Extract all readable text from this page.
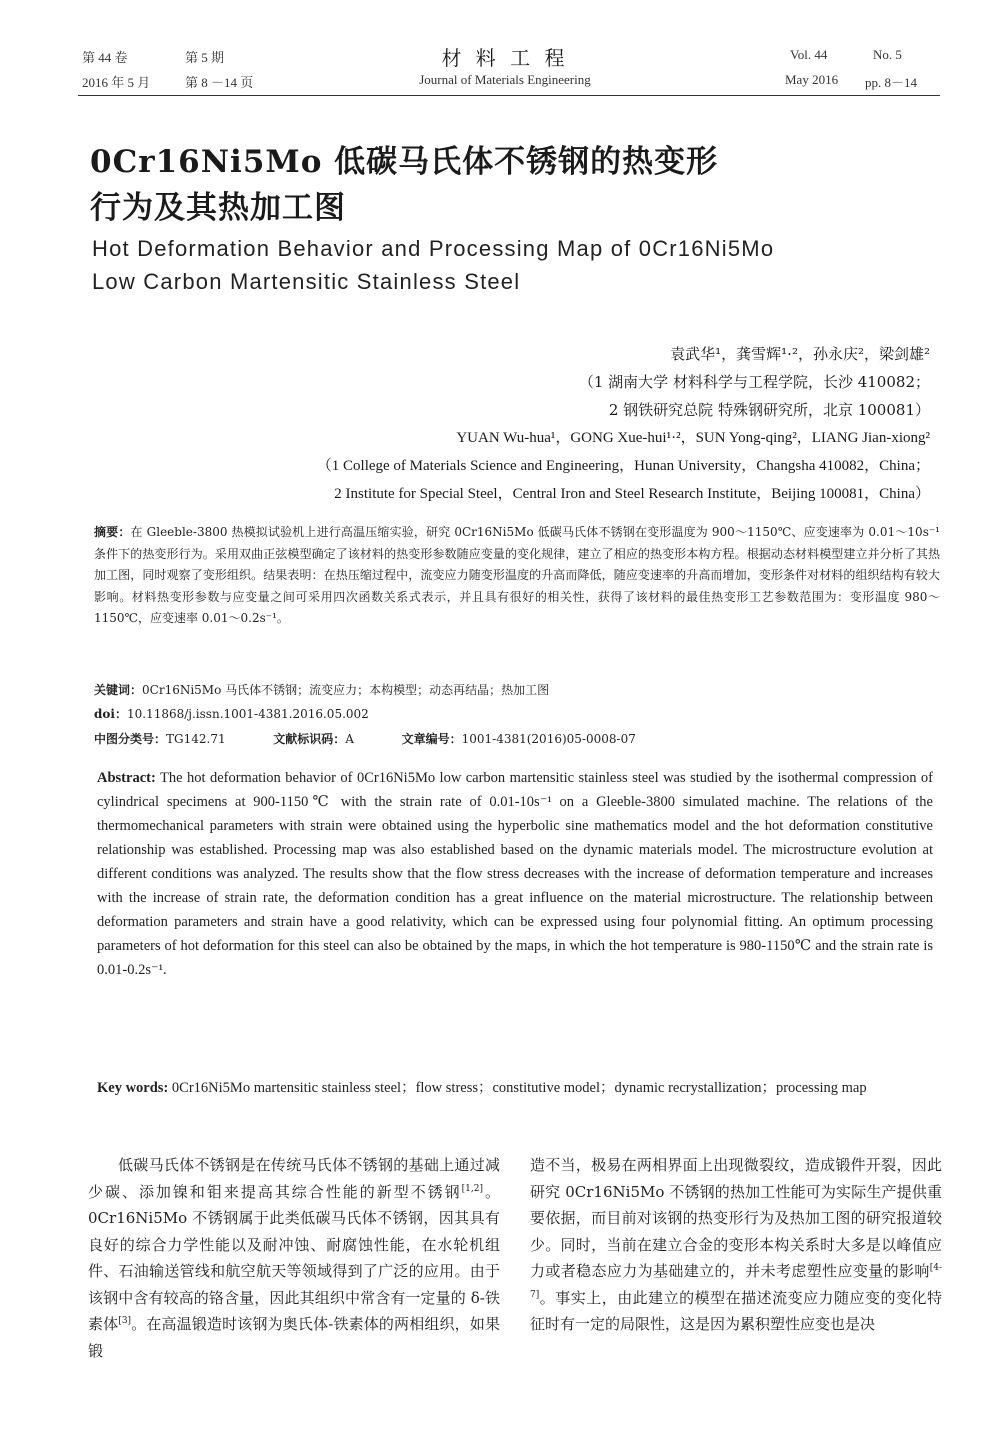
第 44 卷	第 5 期
2016 年 5 月	第 8 －14 页
材 料 工 程
Journal of Materials Engineering
Vol. 44	No. 5
May 2016 pp. 8－14
0Cr16Ni5Mo 低碳马氏体不锈钢的热变形
行为及其热加工图
Hot Deformation Behavior and Processing Map of 0Cr16Ni5Mo
Low Carbon Martensitic Stainless Steel
袁武华¹，龚雪辉¹·²，孙永庆²，梁剑雄²
（1 湖南大学 材料科学与工程学院，长沙 410082；
2 钢铁研究总院 特殊钢研究所，北京 100081）
YUAN Wu-hua¹，GONG Xue-hui¹·²，SUN Yong-qing²，LIANG Jian-xiong²
（1 College of Materials Science and Engineering，Hunan University，Changsha 410082，China；
2 Institute for Special Steel，Central Iron and Steel Research Institute，Beijing 100081，China）
摘要：在 Gleeble-3800 热模拟试验机上进行高温压缩实验，研究 0Cr16Ni5Mo 低碳马氏体不锈钢在变形温度为 900～1150℃、应变速率为 0.01～10s⁻¹ 条件下的热变形行为。采用双曲正弦模型确定了该材料的热变形参数随应变量的变化规律，建立了相应的热变形本构方程。根据动态材料模型建立并分析了其热加工图，同时观察了变形组织。结果表明：在热压缩过程中，流变应力随变形温度的升高而降低，随应变速率的升高而增加，变形条件对材料的组织结构有较大影响。材料热变形参数与应变量之间可采用四次函数关系式表示，并且具有很好的相关性，获得了该材料的最佳热变形工艺参数范围为：变形温度 980～1150℃，应变速率 0.01～0.2s⁻¹。
关键词：0Cr16Ni5Mo 马氏体不锈钢；流变应力；本构模型；动态再结晶；热加工图
doi：10.11868/j.issn.1001-4381.2016.05.002
中图分类号：TG142.71	文献标识码：A	文章编号：1001-4381(2016)05-0008-07
Abstract: The hot deformation behavior of 0Cr16Ni5Mo low carbon martensitic stainless steel was studied by the isothermal compression of cylindrical specimens at 900-1150℃ with the strain rate of 0.01-10s⁻¹ on a Gleeble-3800 simulated machine. The relations of the thermomechanical parameters with strain were obtained using the hyperbolic sine mathematics model and the hot deformation constitutive relationship was established. Processing map was also established based on the dynamic materials model. The microstructure evolution at different conditions was analyzed. The results show that the flow stress decreases with the increase of deformation temperature and increases with the increase of strain rate, the deformation condition has a great influence on the material microstructure. The relationship between deformation parameters and strain have a good relativity, which can be expressed using four polynomial fitting. An optimum processing parameters of hot deformation for this steel can also be obtained by the maps, in which the hot temperature is 980-1150℃ and the strain rate is 0.01-0.2s⁻¹.
Key words: 0Cr16Ni5Mo martensitic stainless steel；flow stress；constitutive model；dynamic recrystallization；processing map
低碳马氏体不锈钢是在传统马氏体不锈钢的基础上通过减少碳、添加镍和钼来提高其综合性能的新型不锈钢[1,2]。0Cr16Ni5Mo 不锈钢属于此类低碳马氏体不锈钢，因其具有良好的综合力学性能以及耐冲蚀、耐腐蚀性能，在水轮机组件、石油输送管线和航空航天等领域得到了广泛的应用。由于该钢中含有较高的铬含量，因此其组织中常含有一定量的 δ-铁素体[3]。在高温锻造时该钢为奥氏体-铁素体的两相组织，如果锻
造不当，极易在两相界面上出现微裂纹，造成锻件开裂，因此研究 0Cr16Ni5Mo 不锈钢的热加工性能可为实际生产提供重要依据，而目前对该钢的热变形行为及热加工图的研究报道较少。同时，当前在建立合金的变形本构关系时大多是以峰值应力或者稳态应力为基础建立的，并未考虑塑性应变量的影响[4-7]。事实上，由此建立的模型在描述流变应力随应变的变化特征时有一定的局限性，这是因为累积塑性应变也是决
